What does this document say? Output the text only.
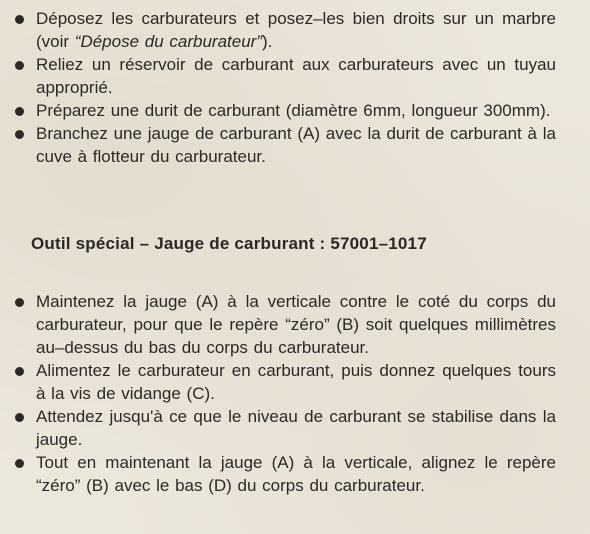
Déposez les carburateurs et posez–les bien droits sur un marbre (voir “Dépose du carburateur”).
Reliez un réservoir de carburant aux carburateurs avec un tuyau approprié.
Préparez une durit de carburant (diamètre 6mm, longueur 300mm).
Branchez une jauge de carburant (A) avec la durit de carburant à la cuve à flotteur du carburateur.

Outil spécial – Jauge de carburant : 57001–1017

Maintenez la jauge (A) à la verticale contre le coté du corps du carburateur, pour que le repère “zéro” (B) soit quelques millimètres au–dessus du bas du corps du carburateur.
Alimentez le carburateur en carburant, puis donnez quelques tours à la vis de vidange (C).
Attendez jusqu'à ce que le niveau de carburant se stabilise dans la jauge.
Tout en maintenant la jauge (A) à la verticale, alignez le repère “zéro” (B) avec le bas (D) du corps du carburateur.
